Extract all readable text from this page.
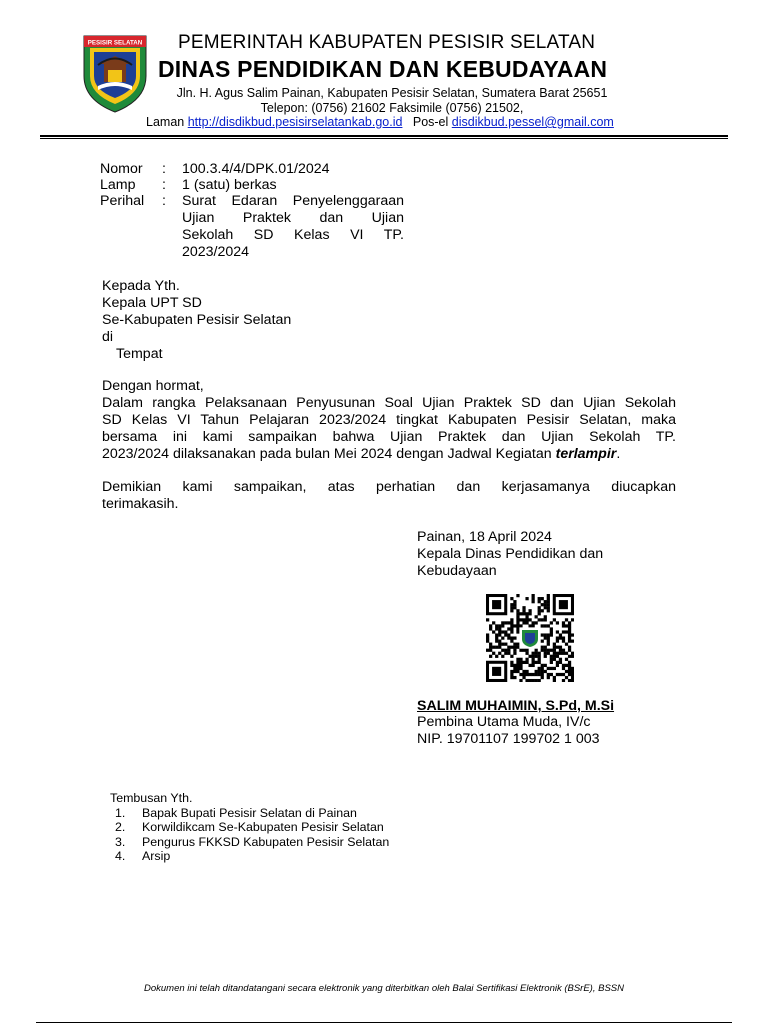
PESISIR SELATAN PEMERINTAH KABUPATEN PESISIR SELATAN
DINAS PENDIDIKAN DAN KEBUDAYAAN
Jln. H. Agus Salim Painan, Kabupaten Pesisir Selatan, Sumatera Barat 25651
Telepon: (0756) 21602 Faksimile (0756) 21502,
Laman http://disdikbud.pesisirselatankab.go.id Pos-el disdikbud.pessel@gmail.com
Nomor : 100.3.4/4/DPK.01/2024
Lamp : 1 (satu) berkas
Perihal : Surat Edaran Penyelenggaraan
Ujian Praktek dan Ujian
Sekolah SD Kelas VI TP.
2023/2024
Kepada Yth.
Kepala UPT SD
Se-Kabupaten Pesisir Selatan
di
Tempat
Dengan hormat,
Dalam rangka Pelaksanaan Penyusunan Soal Ujian Praktek SD dan Ujian Sekolah
SD Kelas VI Tahun Pelajaran 2023/2024 tingkat Kabupaten Pesisir Selatan, maka
bersama ini kami sampaikan bahwa Ujian Praktek dan Ujian Sekolah TP.
2023/2024 dilaksanakan pada bulan Mei 2024 dengan Jadwal Kegiatan terlampir.
Demikian kami sampaikan, atas perhatian dan kerjasamanya diucapkan
terimakasih.
Painan, 18 April 2024
Kepala Dinas Pendidikan dan
Kebudayaan
SALIM MUHAIMIN, S.Pd, M.Si
Pembina Utama Muda, IV/c
NIP. 19701107 199702 1 003
Tembusan Yth.
1.	Bapak Bupati Pesisir Selatan di Painan
2.	Korwildikcam Se-Kabupaten Pesisir Selatan
3.	Pengurus FKKSD Kabupaten Pesisir Selatan
4.	Arsip
Dokumen ini telah ditandatangani secara elektronik yang diterbitkan oleh Balai Sertifikasi Elektronik (BSrE), BSSN
